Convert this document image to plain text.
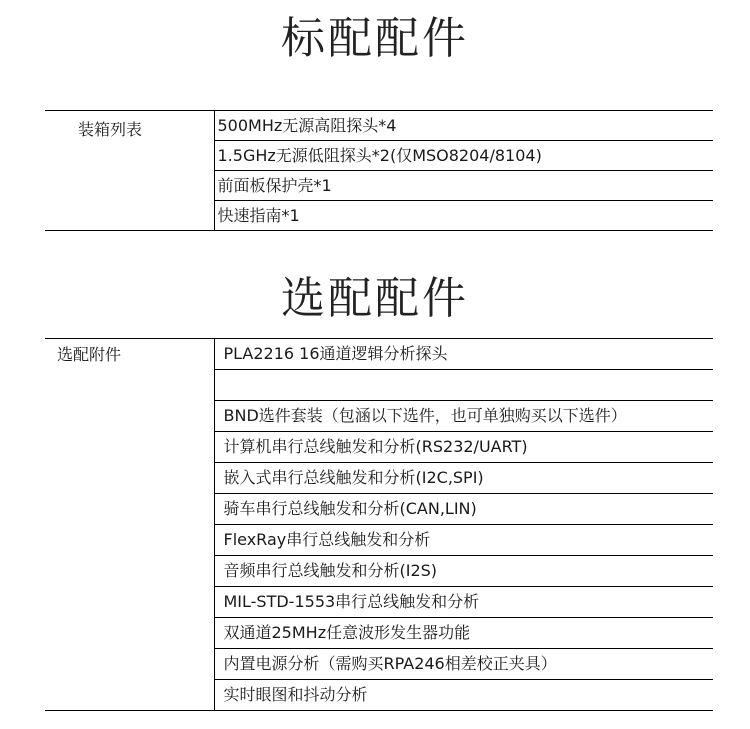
标配配件
装箱列表	500MHz无源高阻探头*4
1.5GHz无源低阻探头*2(仅MSO8204/8104)
前面板保护壳*1
快速指南*1
选配配件
选配附件	PLA2216 16通道逻辑分析探头

BND选件套装（包涵以下选件，也可单独购买以下选件）
计算机串行总线触发和分析(RS232/UART)
嵌入式串行总线触发和分析(I2C,SPI)
骑车串行总线触发和分析(CAN,LIN)
FlexRay串行总线触发和分析
音频串行总线触发和分析(I2S)
MIL-STD-1553串行总线触发和分析
双通道25MHz任意波形发生器功能
内置电源分析（需购买RPA246相差校正夹具）
实时眼图和抖动分析
